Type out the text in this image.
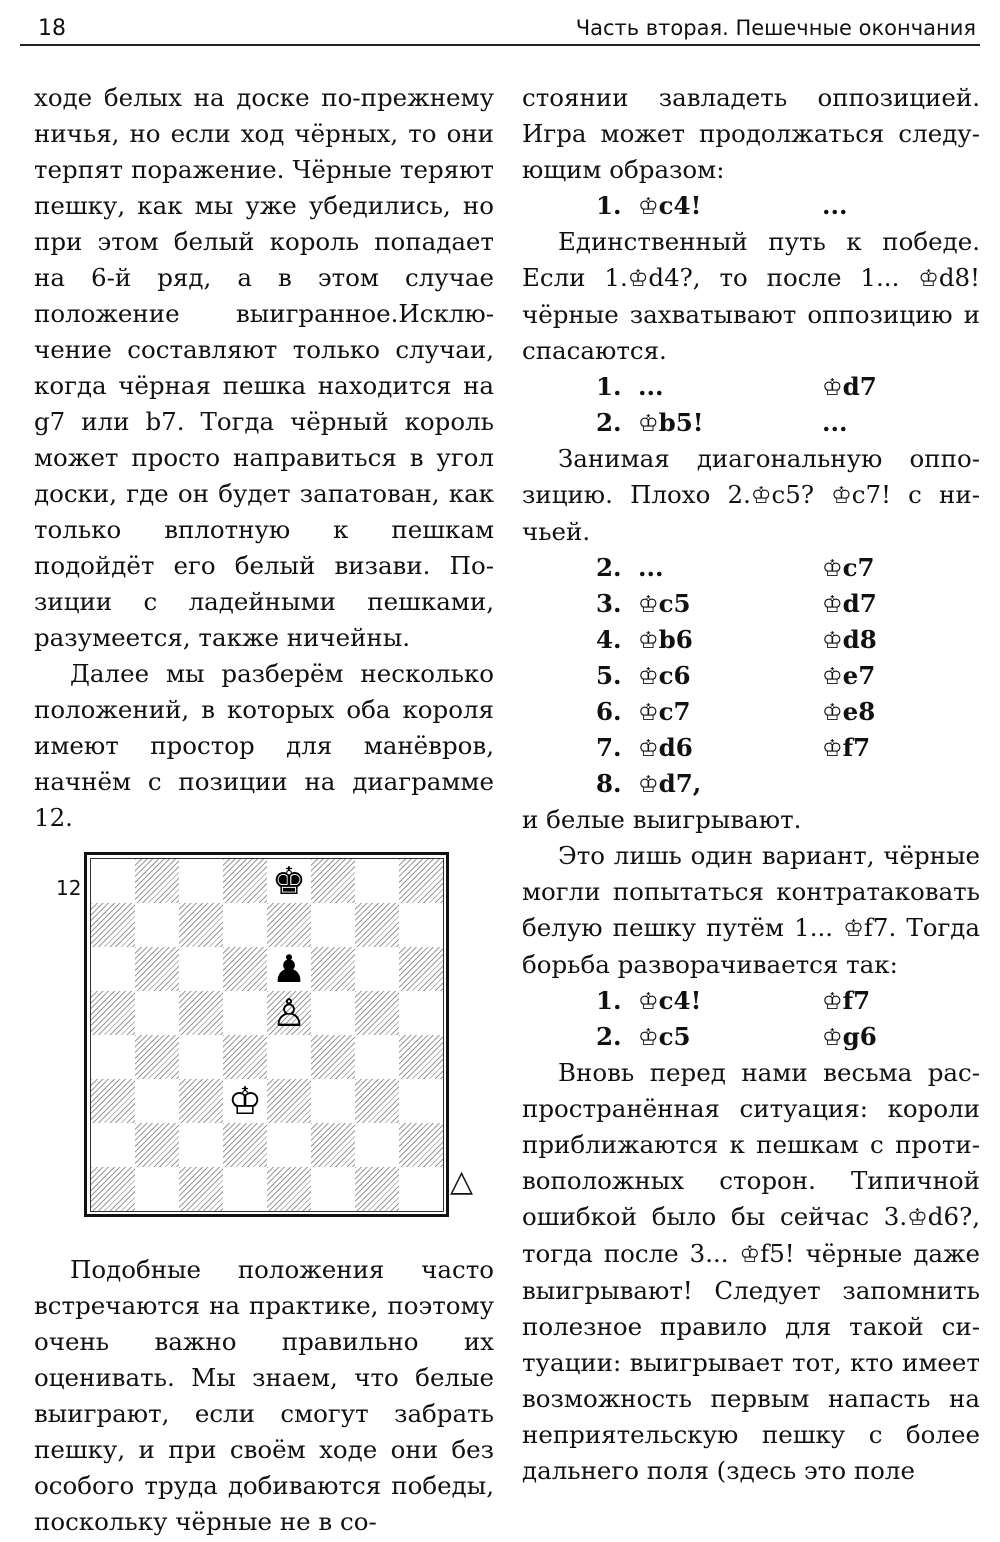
18	Часть вторая. Пешечные окончания

ходе белых на доске по-прежнему ничья, но если ход чёрных, то они терпят поражение. Чёрные теряют пешку, как мы уже убедились, но при этом белый король попадает на 6-й ряд, а в этом случае положение выигранное.Исключение составляют только случаи, когда чёрная пешка находится на g7 или b7. Тогда чёрный король может просто направиться в угол доски, где он будет запатован, как только вплотную к пешкам подойдёт его белый визави. Позиции с ладейными пешками, разумеется, также ничейны.

Далее мы разберём несколько положений, в которых оба короля имеют простор для манёвров, начнём с позиции на диаграмме 12.

12	♚
♟
♙
♔
△

Подобные положения часто встречаются на практике, поэтому очень важно правильно их оценивать. Мы знаем, что белые выиграют, если смогут забрать пешку, и при своём ходе они без особого труда добиваются победы, поскольку чёрные не в со-

стоянии завладеть оппозицией. Игра может продолжаться следующим образом:

1. ♔c4!	...

Единственный путь к победе. Если 1.♔d4?, то после 1... ♔d8! чёрные захватывают оппозицию и спасаются.

1. ...	♔d7
2. ♔b5!	...

Занимая диагональную оппозицию. Плохо 2.♔c5? ♔c7! с ничьей.

2. ...	♔c7
3. ♔c5	♔d7
4. ♔b6	♔d8
5. ♔c6	♔e7
6. ♔c7	♔e8
7. ♔d6	♔f7
8. ♔d7,

и белые выигрывают.

Это лишь один вариант, чёрные могли попытаться контратаковать белую пешку путём 1... ♔f7. Тогда борьба разворачивается так:

1. ♔c4!	♔f7
2. ♔c5	♔g6

Вновь перед нами весьма распространённая ситуация: короли приближаются к пешкам с противоположных сторон. Типичной ошибкой было бы сейчас 3.♔d6?, тогда после 3... ♔f5! чёрные даже выигрывают! Следует запомнить полезное правило для такой ситуации: выигрывает тот, кто имеет возможность первым напасть на неприятельскую пешку с более дальнего поля (здесь это поле
